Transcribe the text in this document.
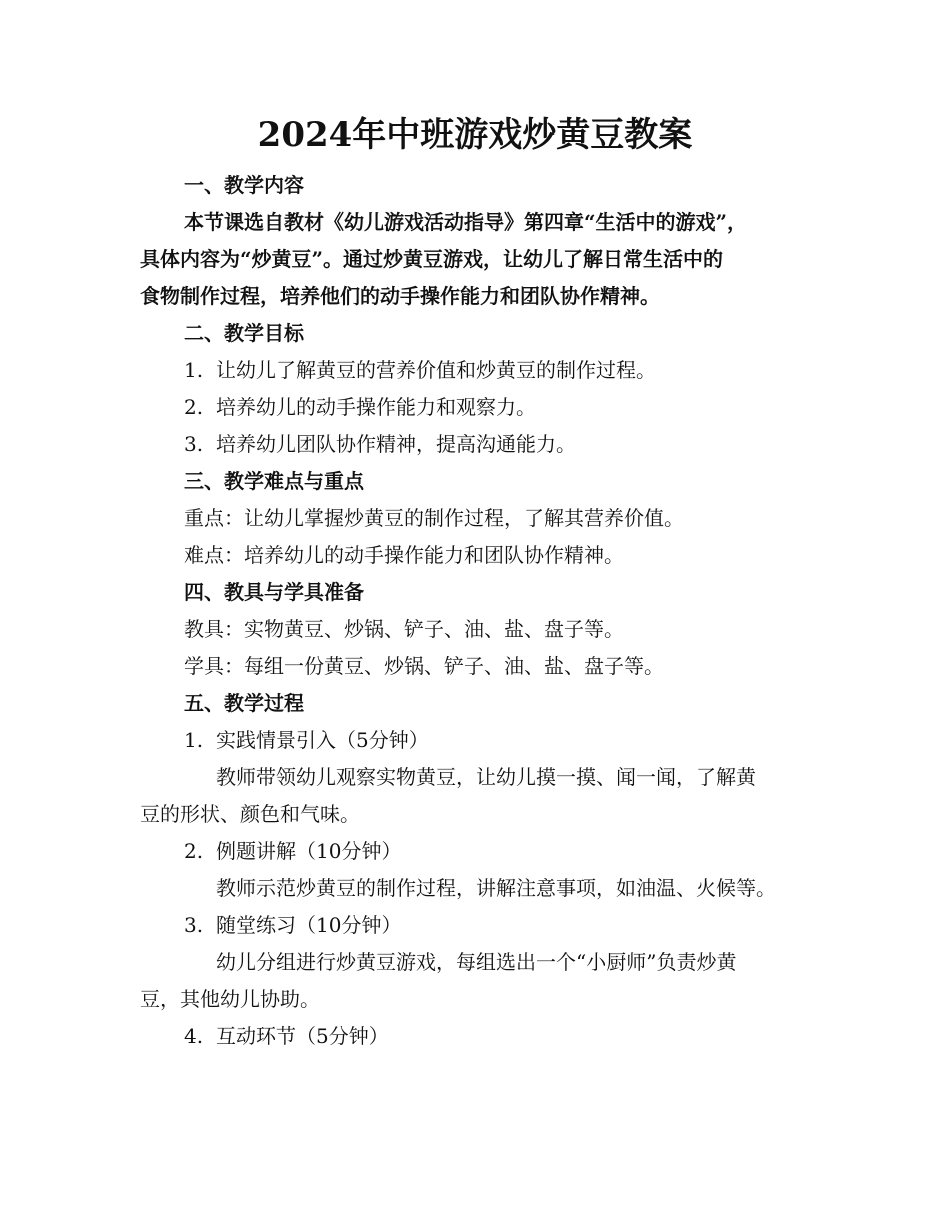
2024年中班游戏炒黄豆教案
一、教学内容
本节课选自教材《幼儿游戏活动指导》第四章“生活中的游戏”，
具体内容为“炒黄豆”。通过炒黄豆游戏，让幼儿了解日常生活中的
食物制作过程，培养他们的动手操作能力和团队协作精神。
二、教学目标
1. 让幼儿了解黄豆的营养价值和炒黄豆的制作过程。
2. 培养幼儿的动手操作能力和观察力。
3. 培养幼儿团队协作精神，提高沟通能力。
三、教学难点与重点
重点：让幼儿掌握炒黄豆的制作过程，了解其营养价值。
难点：培养幼儿的动手操作能力和团队协作精神。
四、教具与学具准备
教具：实物黄豆、炒锅、铲子、油、盐、盘子等。
学具：每组一份黄豆、炒锅、铲子、油、盐、盘子等。
五、教学过程
1. 实践情景引入（5分钟）
教师带领幼儿观察实物黄豆，让幼儿摸一摸、闻一闻，了解黄
豆的形状、颜色和气味。
2. 例题讲解（10分钟）
教师示范炒黄豆的制作过程，讲解注意事项，如油温、火候等。
3. 随堂练习（10分钟）
幼儿分组进行炒黄豆游戏，每组选出一个“小厨师”负责炒黄
豆，其他幼儿协助。
4. 互动环节（5分钟）
